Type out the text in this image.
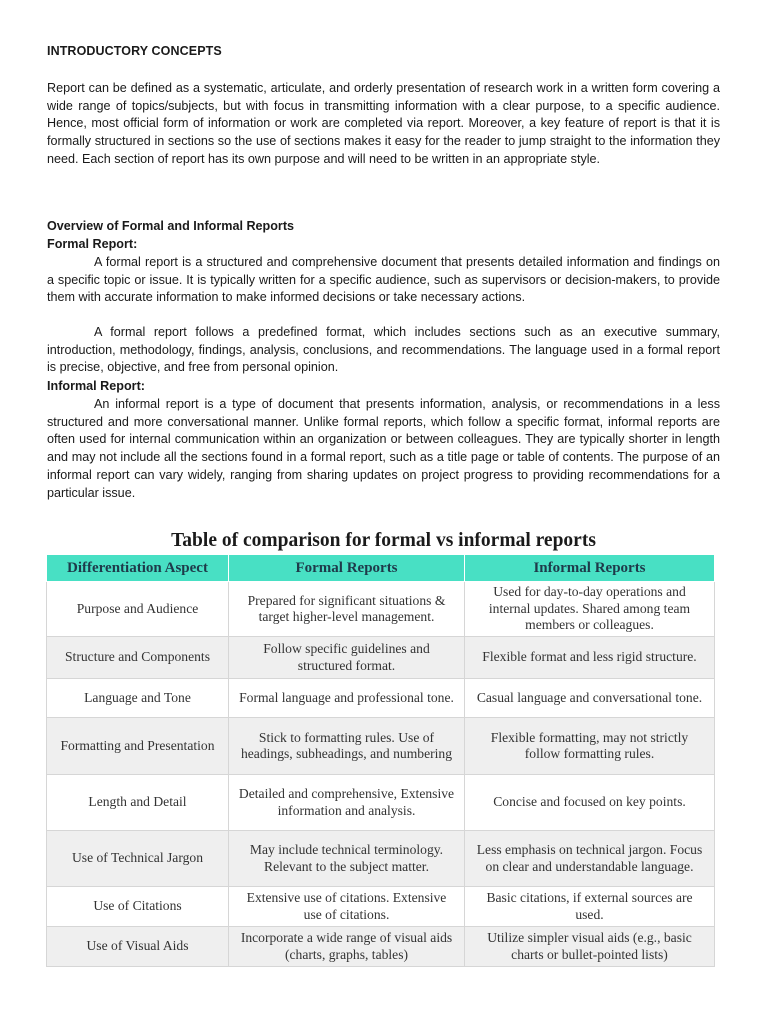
INTRODUCTORY CONCEPTS

Report can be defined as a systematic, articulate, and orderly presentation of research work in a written form covering a wide range of topics/subjects, but with focus in transmitting information with a clear purpose, to a specific audience. Hence, most official form of information or work are completed via report. Moreover, a key feature of report is that it is formally structured in sections so the use of sections makes it easy for the reader to jump straight to the information they need. Each section of report has its own purpose and will need to be written in an appropriate style.

Overview of Formal and Informal Reports
Formal Report:

A formal report is a structured and comprehensive document that presents detailed information and findings on a specific topic or issue. It is typically written for a specific audience, such as supervisors or decision-makers, to provide them with accurate information to make informed decisions or take necessary actions.

A formal report follows a predefined format, which includes sections such as an executive summary, introduction, methodology, findings, analysis, conclusions, and recommendations. The language used in a formal report is precise, objective, and free from personal opinion.

Informal Report:

An informal report is a type of document that presents information, analysis, or recommendations in a less structured and more conversational manner. Unlike formal reports, which follow a specific format, informal reports are often used for internal communication within an organization or between colleagues. They are typically shorter in length and may not include all the sections found in a formal report, such as a title page or table of contents. The purpose of an informal report can vary widely, ranging from sharing updates on project progress to providing recommendations for a particular issue.

Table of comparison for formal vs informal reports
Differentiation Aspect	Formal Reports	Informal Reports
Purpose and Audience	Prepared for significant situations & target higher-level management.	Used for day-to-day operations and internal updates. Shared among team members or colleagues.
Structure and Components	Follow specific guidelines and structured format.	Flexible format and less rigid structure.
Language and Tone	Formal language and professional tone.	Casual language and conversational tone.
Formatting and Presentation	Stick to formatting rules. Use of headings, subheadings, and numbering	Flexible formatting, may not strictly follow formatting rules.
Length and Detail	Detailed and comprehensive, Extensive information and analysis.	Concise and focused on key points.
Use of Technical Jargon	May include technical terminology. Relevant to the subject matter.	Less emphasis on technical jargon. Focus on clear and understandable language.
Use of Citations	Extensive use of citations. Extensive use of citations.	Basic citations, if external sources are used.
Use of Visual Aids	Incorporate a wide range of visual aids (charts, graphs, tables)	Utilize simpler visual aids (e.g., basic charts or bullet-pointed lists)
